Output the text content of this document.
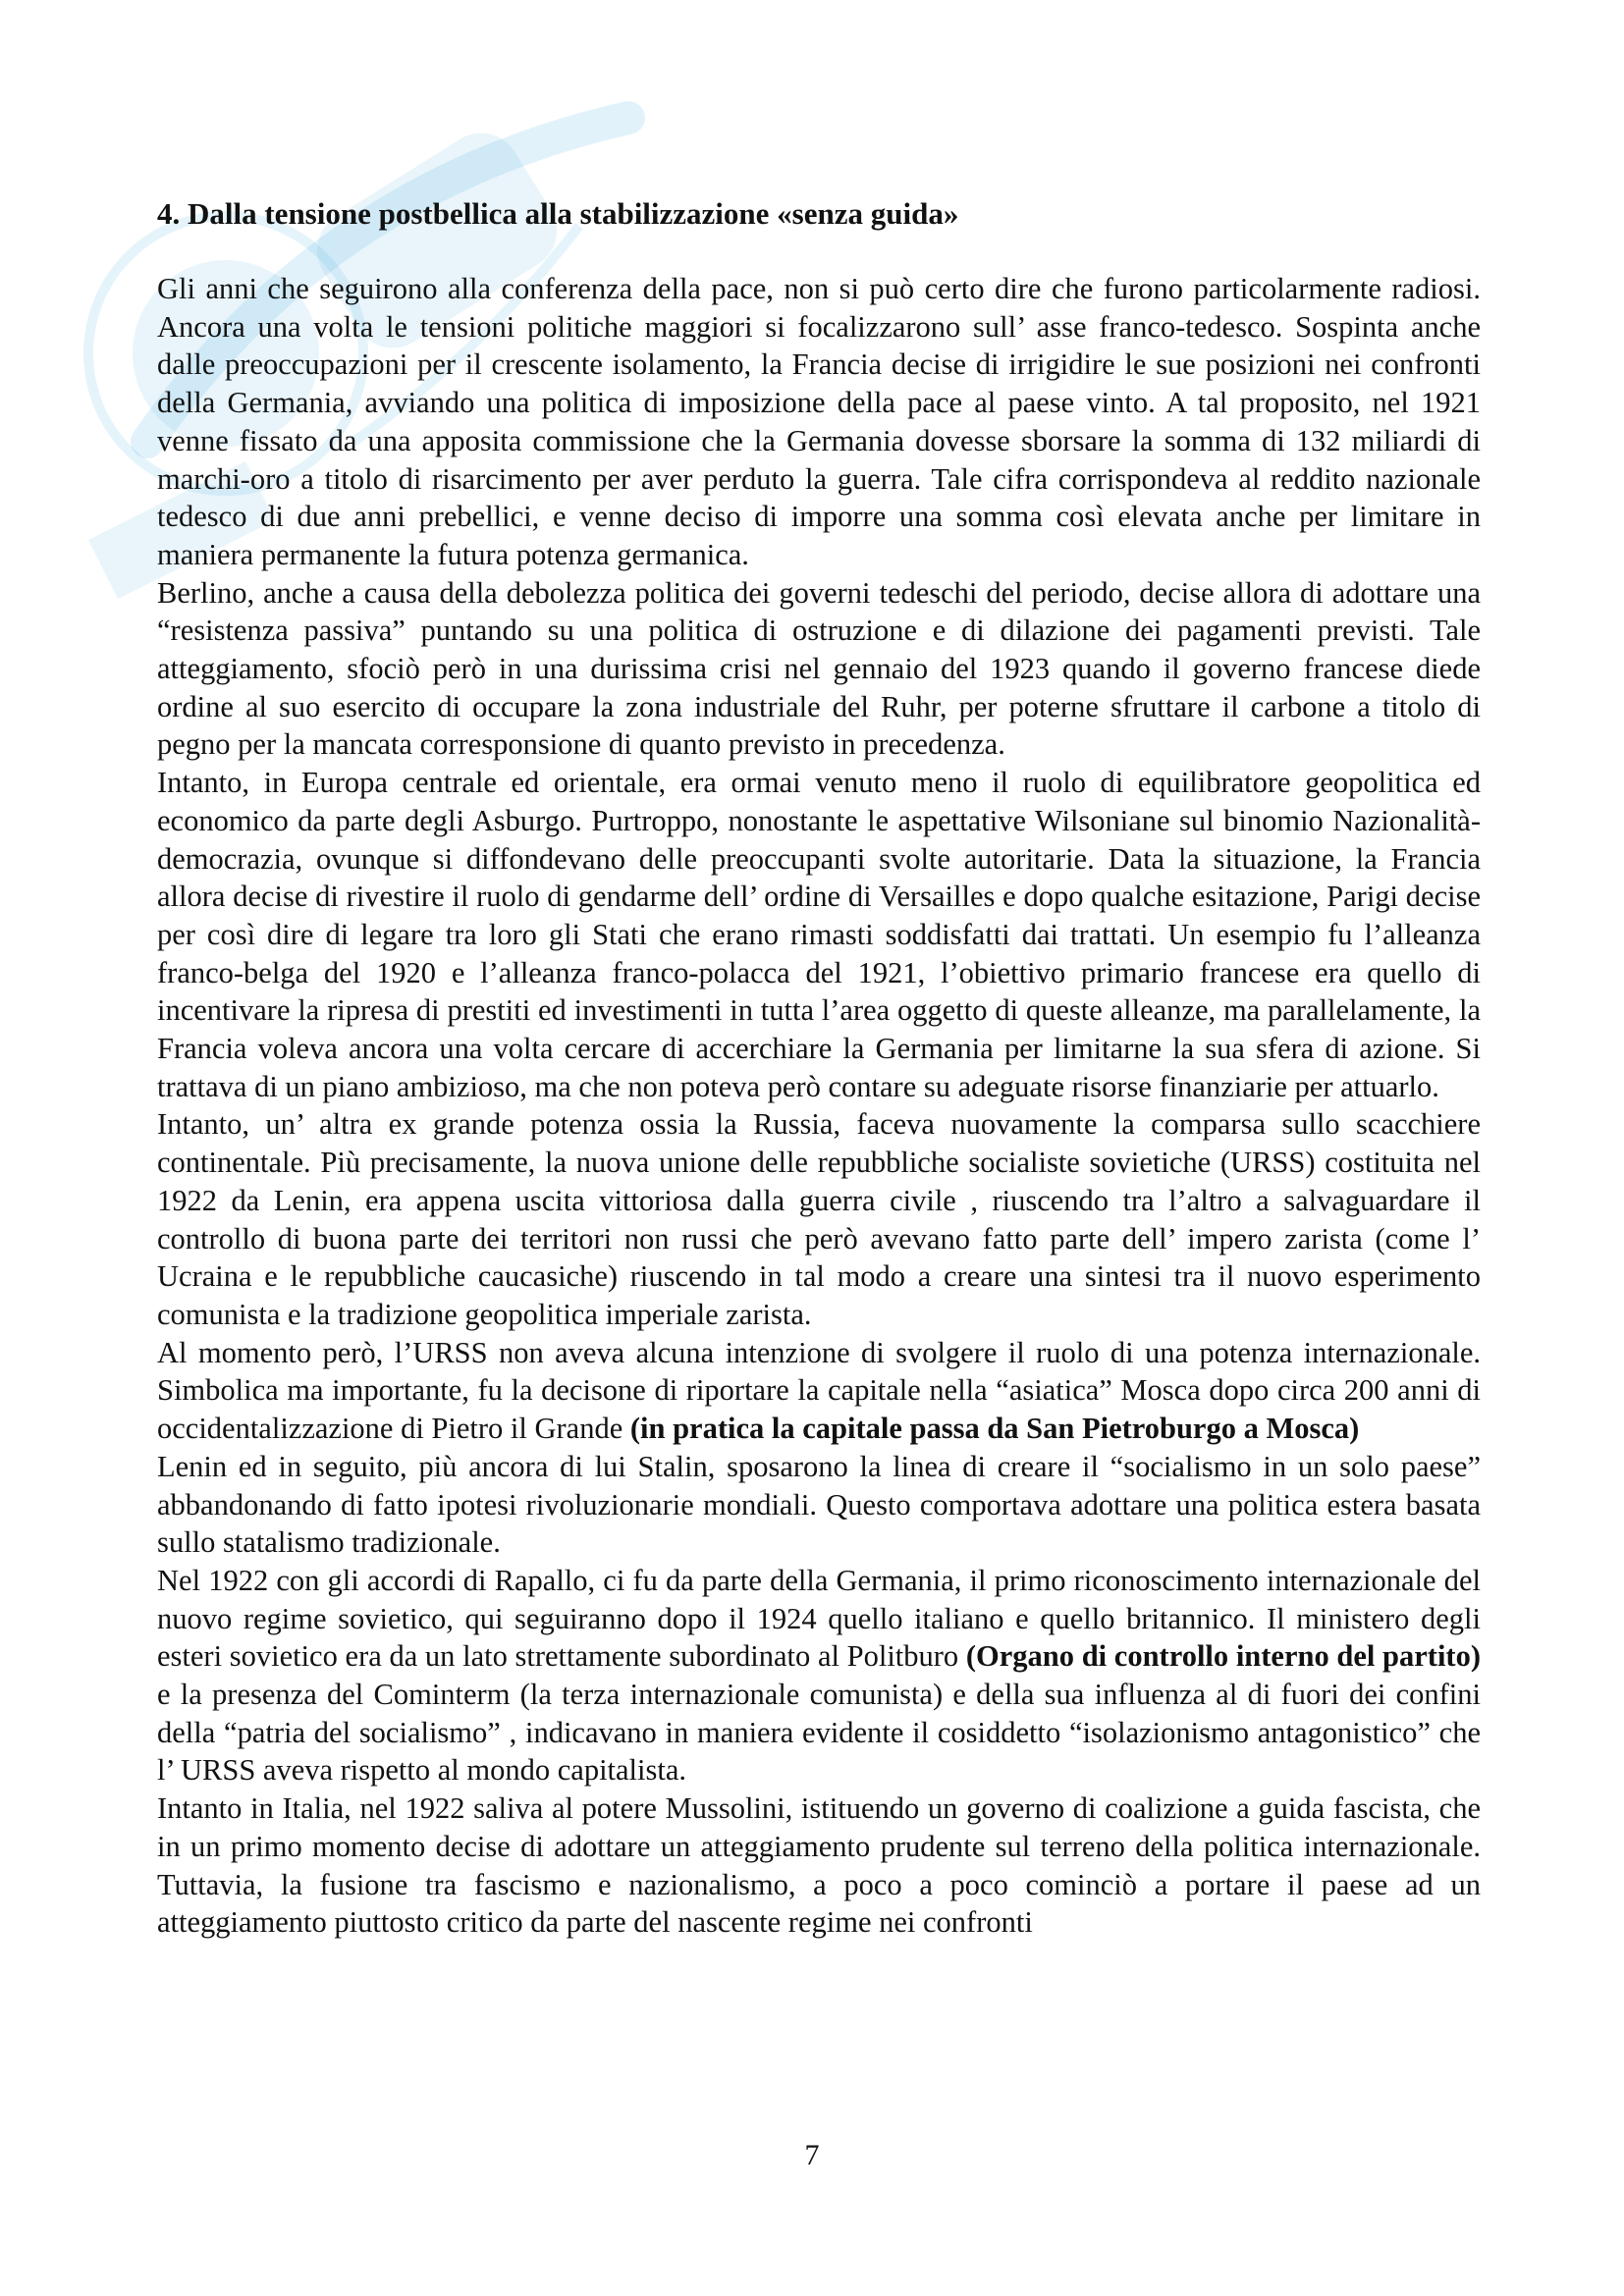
4. Dalla tensione postbellica alla stabilizzazione «senza guida»

Gli anni che seguirono alla conferenza della pace, non si può certo dire che furono particolarmente radiosi. Ancora una volta le tensioni politiche maggiori si focalizzarono sull’ asse franco-tedesco. Sospinta anche dalle preoccupazioni per il crescente isolamento, la Francia decise di irrigidire le sue posizioni nei confronti della Germania, avviando una politica di imposizione della pace al paese vinto. A tal proposito, nel 1921 venne fissato da una apposita commissione che la Germania dovesse sborsare la somma di 132 miliardi di marchi-oro a titolo di risarcimento per aver perduto la guerra. Tale cifra corrispondeva al reddito nazionale tedesco di due anni prebellici, e venne deciso di imporre una somma così elevata anche per limitare in maniera permanente la futura potenza germanica.

Berlino, anche a causa della debolezza politica dei governi tedeschi del periodo, decise allora di adottare una “resistenza passiva” puntando su una politica di ostruzione e di dilazione dei pagamenti previsti. Tale atteggiamento, sfociò però in una durissima crisi nel gennaio del 1923 quando il governo francese diede ordine al suo esercito di occupare la zona industriale del Ruhr, per poterne sfruttare il carbone a titolo di pegno per la mancata corresponsione di quanto previsto in precedenza.

Intanto, in Europa centrale ed orientale, era ormai venuto meno il ruolo di equilibratore geopolitica ed economico da parte degli Asburgo. Purtroppo, nonostante le aspettative Wilsoniane sul binomio Nazionalità-democrazia, ovunque si diffondevano delle preoccupanti svolte autoritarie. Data la situazione, la Francia allora decise di rivestire il ruolo di gendarme dell’ ordine di Versailles e dopo qualche esitazione, Parigi decise per così dire di legare tra loro gli Stati che erano rimasti soddisfatti dai trattati. Un esempio fu l’alleanza franco-belga del 1920 e l’alleanza franco-polacca del 1921, l’obiettivo primario francese era quello di incentivare la ripresa di prestiti ed investimenti in tutta l’area oggetto di queste alleanze, ma parallelamente, la Francia voleva ancora una volta cercare di accerchiare la Germania per limitarne la sua sfera di azione. Si trattava di un piano ambizioso, ma che non poteva però contare su adeguate risorse finanziarie per attuarlo.

Intanto, un’ altra ex grande potenza ossia la Russia, faceva nuovamente la comparsa sullo scacchiere continentale. Più precisamente, la nuova unione delle repubbliche socialiste sovietiche (URSS) costituita nel 1922 da Lenin, era appena uscita vittoriosa dalla guerra civile , riuscendo tra l’altro a salvaguardare il controllo di buona parte dei territori non russi che però avevano fatto parte dell’ impero zarista (come l’ Ucraina e le repubbliche caucasiche) riuscendo in tal modo a creare una sintesi tra il nuovo esperimento comunista e la tradizione geopolitica imperiale zarista.

Al momento però, l’URSS non aveva alcuna intenzione di svolgere il ruolo di una potenza internazionale. Simbolica ma importante, fu la decisone di riportare la capitale nella “asiatica” Mosca dopo circa 200 anni di occidentalizzazione di Pietro il Grande (in pratica la capitale passa da San Pietroburgo a Mosca)

Lenin ed in seguito, più ancora di lui Stalin, sposarono la linea di creare il “socialismo in un solo paese” abbandonando di fatto ipotesi rivoluzionarie mondiali. Questo comportava adottare una politica estera basata sullo statalismo tradizionale.

Nel 1922 con gli accordi di Rapallo, ci fu da parte della Germania, il primo riconoscimento internazionale del nuovo regime sovietico, qui seguiranno dopo il 1924 quello italiano e quello britannico. Il ministero degli esteri sovietico era da un lato strettamente subordinato al Politburo (Organo di controllo interno del partito) e la presenza del Cominterm (la terza internazionale comunista) e della sua influenza al di fuori dei confini della “patria del socialismo” , indicavano in maniera evidente il cosiddetto “isolazionismo antagonistico” che l’ URSS aveva rispetto al mondo capitalista.

Intanto in Italia, nel 1922 saliva al potere Mussolini, istituendo un governo di coalizione a guida fascista, che in un primo momento decise di adottare un atteggiamento prudente sul terreno della politica internazionale. Tuttavia, la fusione tra fascismo e nazionalismo, a poco a poco cominciò a portare il paese ad un atteggiamento piuttosto critico da parte del nascente regime nei confronti

7
